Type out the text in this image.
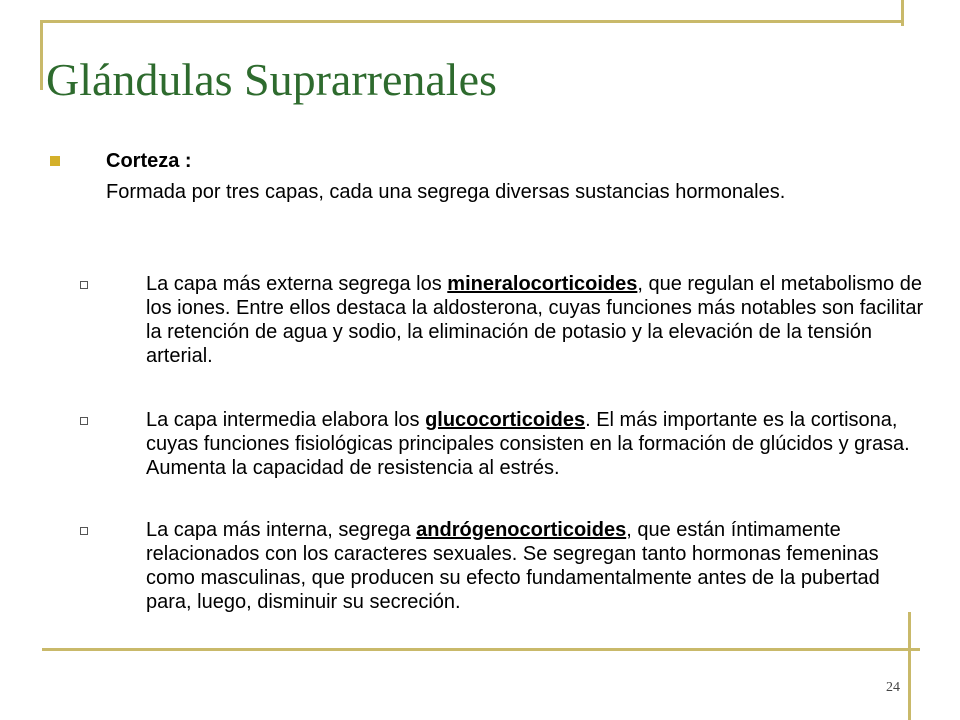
Glándulas Suprarrenales
Corteza :
Formada por tres capas, cada una segrega diversas sustancias hormonales.
La capa más externa segrega los mineralocorticoides, que regulan el metabolismo de los iones. Entre ellos destaca la aldosterona, cuyas funciones más notables son facilitar la retención de agua y sodio, la eliminación de potasio y la elevación de la tensión arterial.
La capa intermedia elabora los glucocorticoides. El más importante es la cortisona, cuyas funciones fisiológicas principales consisten en la formación de glúcidos y grasa. Aumenta la capacidad de resistencia al estrés.
La capa más interna, segrega andrógenocorticoides, que están íntimamente relacionados con los caracteres sexuales. Se segregan tanto hormonas femeninas como masculinas, que producen su efecto fundamentalmente antes de la pubertad para, luego, disminuir su secreción.
24
